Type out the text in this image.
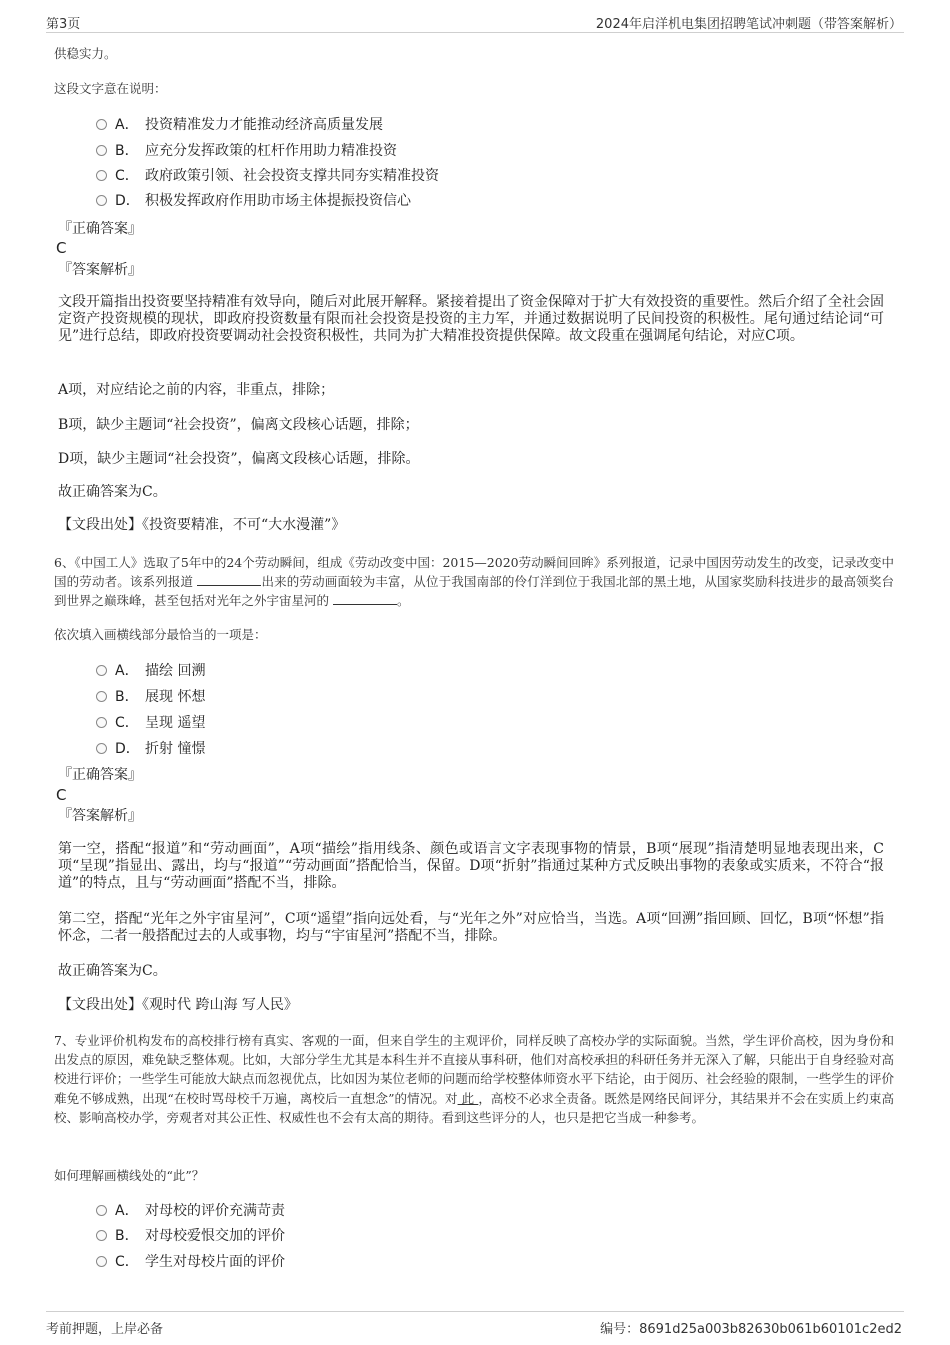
第3页	2024年启洋机电集团招聘笔试冲刺题（带答案解析）
供稳实力。
这段文字意在说明：
A． 投资精准发力才能推动经济高质量发展
B． 应充分发挥政策的杠杆作用助力精准投资
C． 政府政策引领、社会投资支撑共同夯实精准投资
D． 积极发挥政府作用助市场主体提振投资信心
『正确答案』
C
『答案解析』
文段开篇指出投资要坚持精准有效导向，随后对此展开解释。紧接着提出了资金保障对于扩大有效投资的重要性。然后介绍了全社会固定资产投资规模的现状，即政府投资数量有限而社会投资是投资的主力军，并通过数据说明了民间投资的积极性。尾句通过结论词“可见”进行总结，即政府投资要调动社会投资积极性，共同为扩大精准投资提供保障。故文段重在强调尾句结论，对应C项。
A项，对应结论之前的内容，非重点，排除；
B项，缺少主题词“社会投资”，偏离文段核心话题，排除；
D项，缺少主题词“社会投资”，偏离文段核心话题，排除。
故正确答案为C。
【文段出处】《投资要精准，不可“大水漫灌”》
6、《中国工人》选取了5年中的24个劳动瞬间，组成《劳动改变中国：2015—2020劳动瞬间回眸》系列报道，记录中国因劳动发生的改变，记录改变中国的劳动者。该系列报道	出来的劳动画面较为丰富，从位于我国南部的伶仃洋到位于我国北部的黑土地，从国家奖励科技进步的最高领奖台到世界之巅珠峰，甚至包括对光年之外宇宙星河的	。
依次填入画横线部分最恰当的一项是：
A． 描绘 回溯
B． 展现 怀想
C． 呈现 遥望
D． 折射 憧憬
『正确答案』
C
『答案解析』
第一空，搭配“报道”和“劳动画面”，A项“描绘”指用线条、颜色或语言文字表现事物的情景，B项“展现”指清楚明显地表现出来，C项“呈现”指显出、露出，均与“报道”“劳动画面”搭配恰当，保留。D项“折射”指通过某种方式反映出事物的表象或实质来，不符合“报道”的特点，且与“劳动画面”搭配不当，排除。
第二空，搭配“光年之外宇宙星河”，C项“遥望”指向远处看，与“光年之外”对应恰当，当选。A项“回溯”指回顾、回忆，B项“怀想”指怀念，二者一般搭配过去的人或事物，均与“宇宙星河”搭配不当，排除。
故正确答案为C。
【文段出处】《观时代 跨山海 写人民》
7、专业评价机构发布的高校排行榜有真实、客观的一面，但来自学生的主观评价，同样反映了高校办学的实际面貌。当然，学生评价高校，因为身份和出发点的原因，难免缺乏整体观。比如，大部分学生尤其是本科生并不直接从事科研，他们对高校承担的科研任务并无深入了解，只能出于自身经验对高校进行评价；一些学生可能放大缺点而忽视优点，比如因为某位老师的问题而给学校整体师资水平下结论，由于阅历、社会经验的限制，一些学生的评价难免不够成熟，出现“在校时骂母校千万遍，离校后一直想念”的情况。对 此 ，高校不必求全责备。既然是网络民间评分，其结果并不会在实质上约束高校、影响高校办学，旁观者对其公正性、权威性也不会有太高的期待。看到这些评分的人，也只是把它当成一种参考。
如何理解画横线处的“此”？
A． 对母校的评价充满苛责
B． 对母校爱恨交加的评价
C． 学生对母校片面的评价
考前押题，上岸必备	编号：8691d25a003b82630b061b60101c2ed2
